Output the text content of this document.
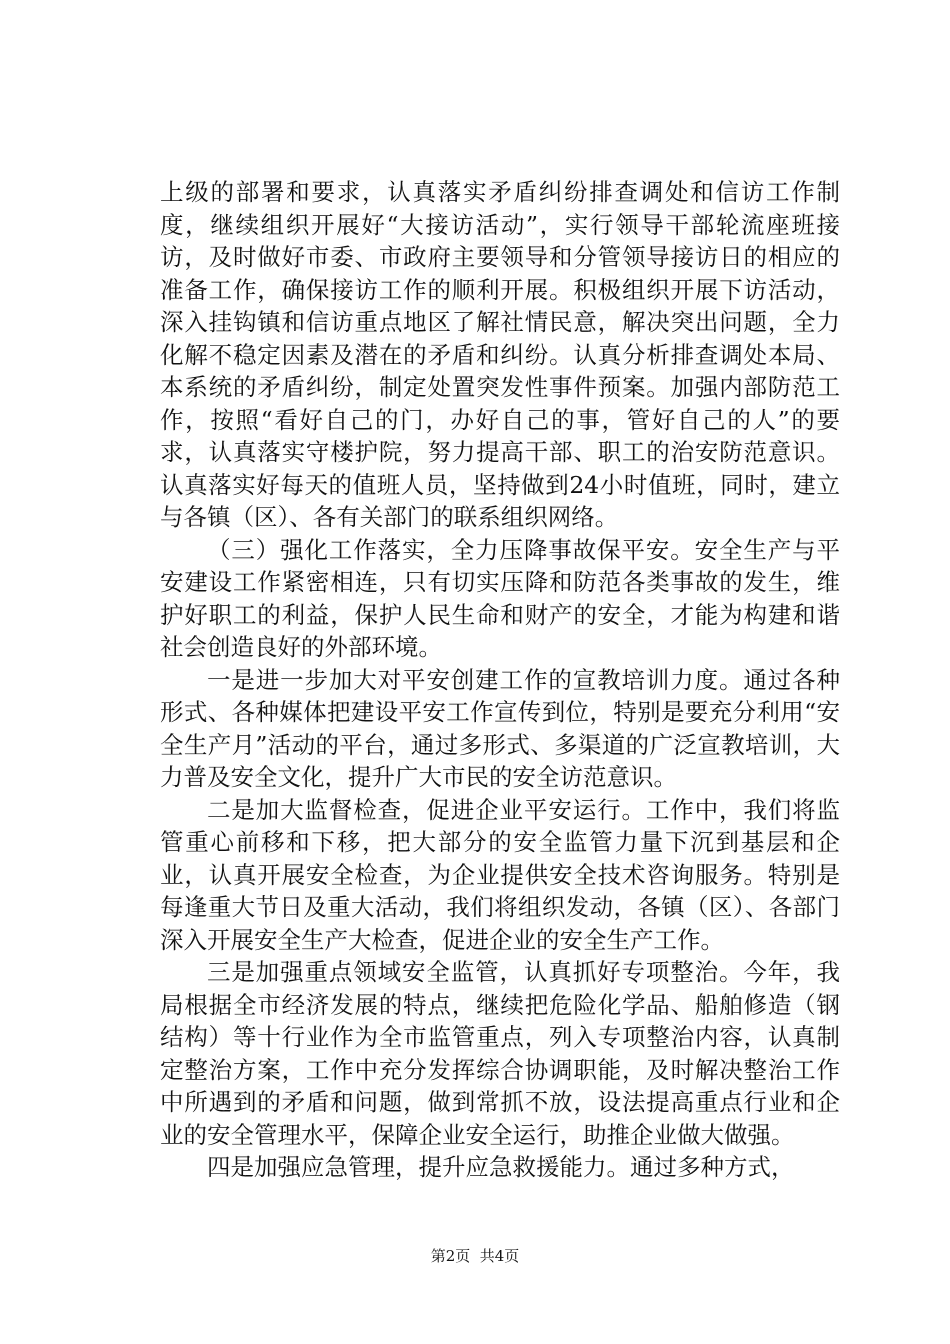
上级的部署和要求，认真落实矛盾纠纷排查调处和信访工作制度，继续组织开展好“大接访活动”，实行领导干部轮流座班接访，及时做好市委、市政府主要领导和分管领导接访日的相应的准备工作，确保接访工作的顺利开展。积极组织开展下访活动，深入挂钩镇和信访重点地区了解社情民意，解决突出问题，全力化解不稳定因素及潜在的矛盾和纠纷。认真分析排查调处本局、本系统的矛盾纠纷，制定处置突发性事件预案。加强内部防范工作，按照“看好自己的门，办好自己的事，管好自己的人”的要求，认真落实守楼护院，努力提高干部、职工的治安防范意识。认真落实好每天的值班人员，坚持做到24小时值班，同时，建立与各镇（区）、各有关部门的联系组织网络。

（三）强化工作落实，全力压降事故保平安。安全生产与平安建设工作紧密相连，只有切实压降和防范各类事故的发生，维护好职工的利益，保护人民生命和财产的安全，才能为构建和谐社会创造良好的外部环境。

一是进一步加大对平安创建工作的宣教培训力度。通过各种形式、各种媒体把建设平安工作宣传到位，特别是要充分利用“安全生产月”活动的平台，通过多形式、多渠道的广泛宣教培训，大力普及安全文化，提升广大市民的安全访范意识。

二是加大监督检查，促进企业平安运行。工作中，我们将监管重心前移和下移，把大部分的安全监管力量下沉到基层和企业，认真开展安全检查，为企业提供安全技术咨询服务。特别是每逢重大节日及重大活动，我们将组织发动，各镇（区）、各部门深入开展安全生产大检查，促进企业的安全生产工作。

三是加强重点领域安全监管，认真抓好专项整治。今年，我局根据全市经济发展的特点，继续把危险化学品、船舶修造（钢结构）等十行业作为全市监管重点，列入专项整治内容，认真制定整治方案，工作中充分发挥综合协调职能，及时解决整治工作中所遇到的矛盾和问题，做到常抓不放，设法提高重点行业和企业的安全管理水平，保障企业安全运行，助推企业做大做强。

四是加强应急管理，提升应急救援能力。通过多种方式，

第2页  共4页
